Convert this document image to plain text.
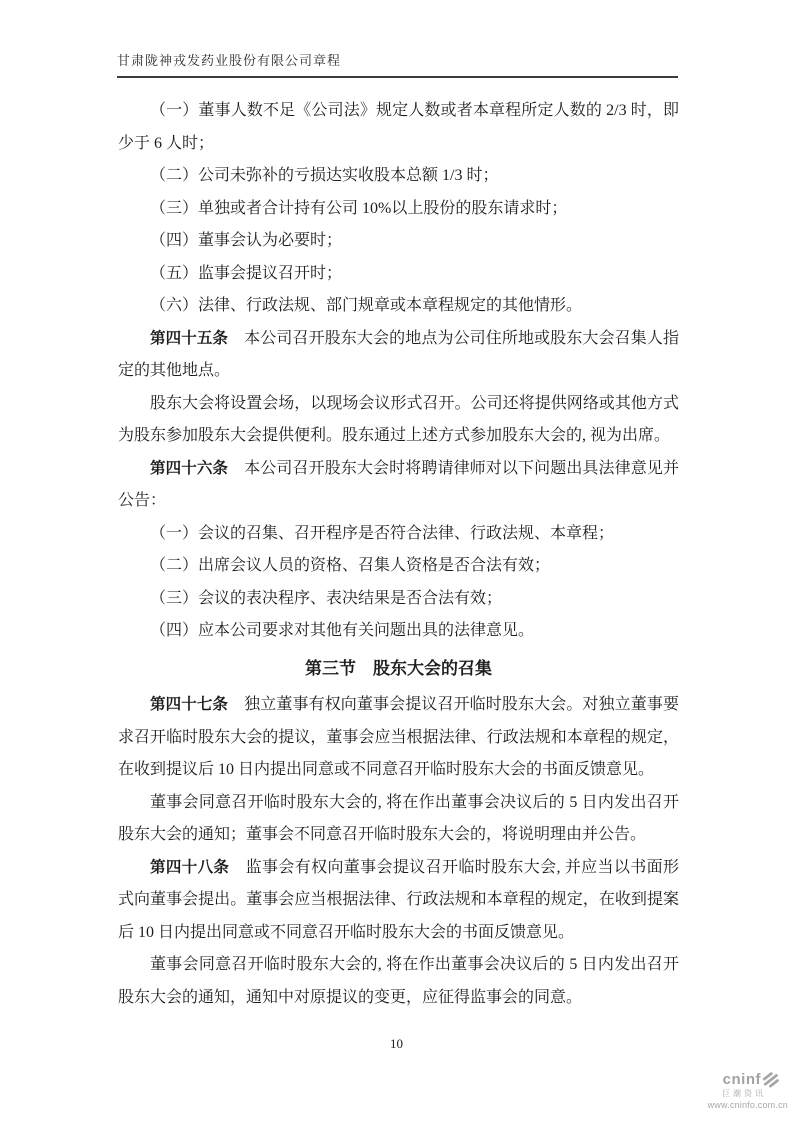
甘肃陇神戎发药业股份有限公司章程
（一）董事人数不足《公司法》规定人数或者本章程所定人数的 2/3 时，即少于 6 人时；
（二）公司未弥补的亏损达实收股本总额 1/3 时；
（三）单独或者合计持有公司 10%以上股份的股东请求时；
（四）董事会认为必要时；
（五）监事会提议召开时；
（六）法律、行政法规、部门规章或本章程规定的其他情形。
第四十五条　本公司召开股东大会的地点为公司住所地或股东大会召集人指定的其他地点。
股东大会将设置会场，以现场会议形式召开。公司还将提供网络或其他方式为股东参加股东大会提供便利。股东通过上述方式参加股东大会的, 视为出席。
第四十六条　本公司召开股东大会时将聘请律师对以下问题出具法律意见并公告：
（一）会议的召集、召开程序是否符合法律、行政法规、本章程；
（二）出席会议人员的资格、召集人资格是否合法有效；
（三）会议的表决程序、表决结果是否合法有效；
（四）应本公司要求对其他有关问题出具的法律意见。
第三节　股东大会的召集
第四十七条　独立董事有权向董事会提议召开临时股东大会。对独立董事要求召开临时股东大会的提议，董事会应当根据法律、行政法规和本章程的规定，在收到提议后 10 日内提出同意或不同意召开临时股东大会的书面反馈意见。
董事会同意召开临时股东大会的, 将在作出董事会决议后的 5 日内发出召开股东大会的通知；董事会不同意召开临时股东大会的，将说明理由并公告。
第四十八条　监事会有权向董事会提议召开临时股东大会, 并应当以书面形式向董事会提出。董事会应当根据法律、行政法规和本章程的规定，在收到提案后 10 日内提出同意或不同意召开临时股东大会的书面反馈意见。
董事会同意召开临时股东大会的, 将在作出董事会决议后的 5 日内发出召开股东大会的通知，通知中对原提议的变更，应征得监事会的同意。
10
cninf
巨潮资讯
www.cninfo.com.cn
